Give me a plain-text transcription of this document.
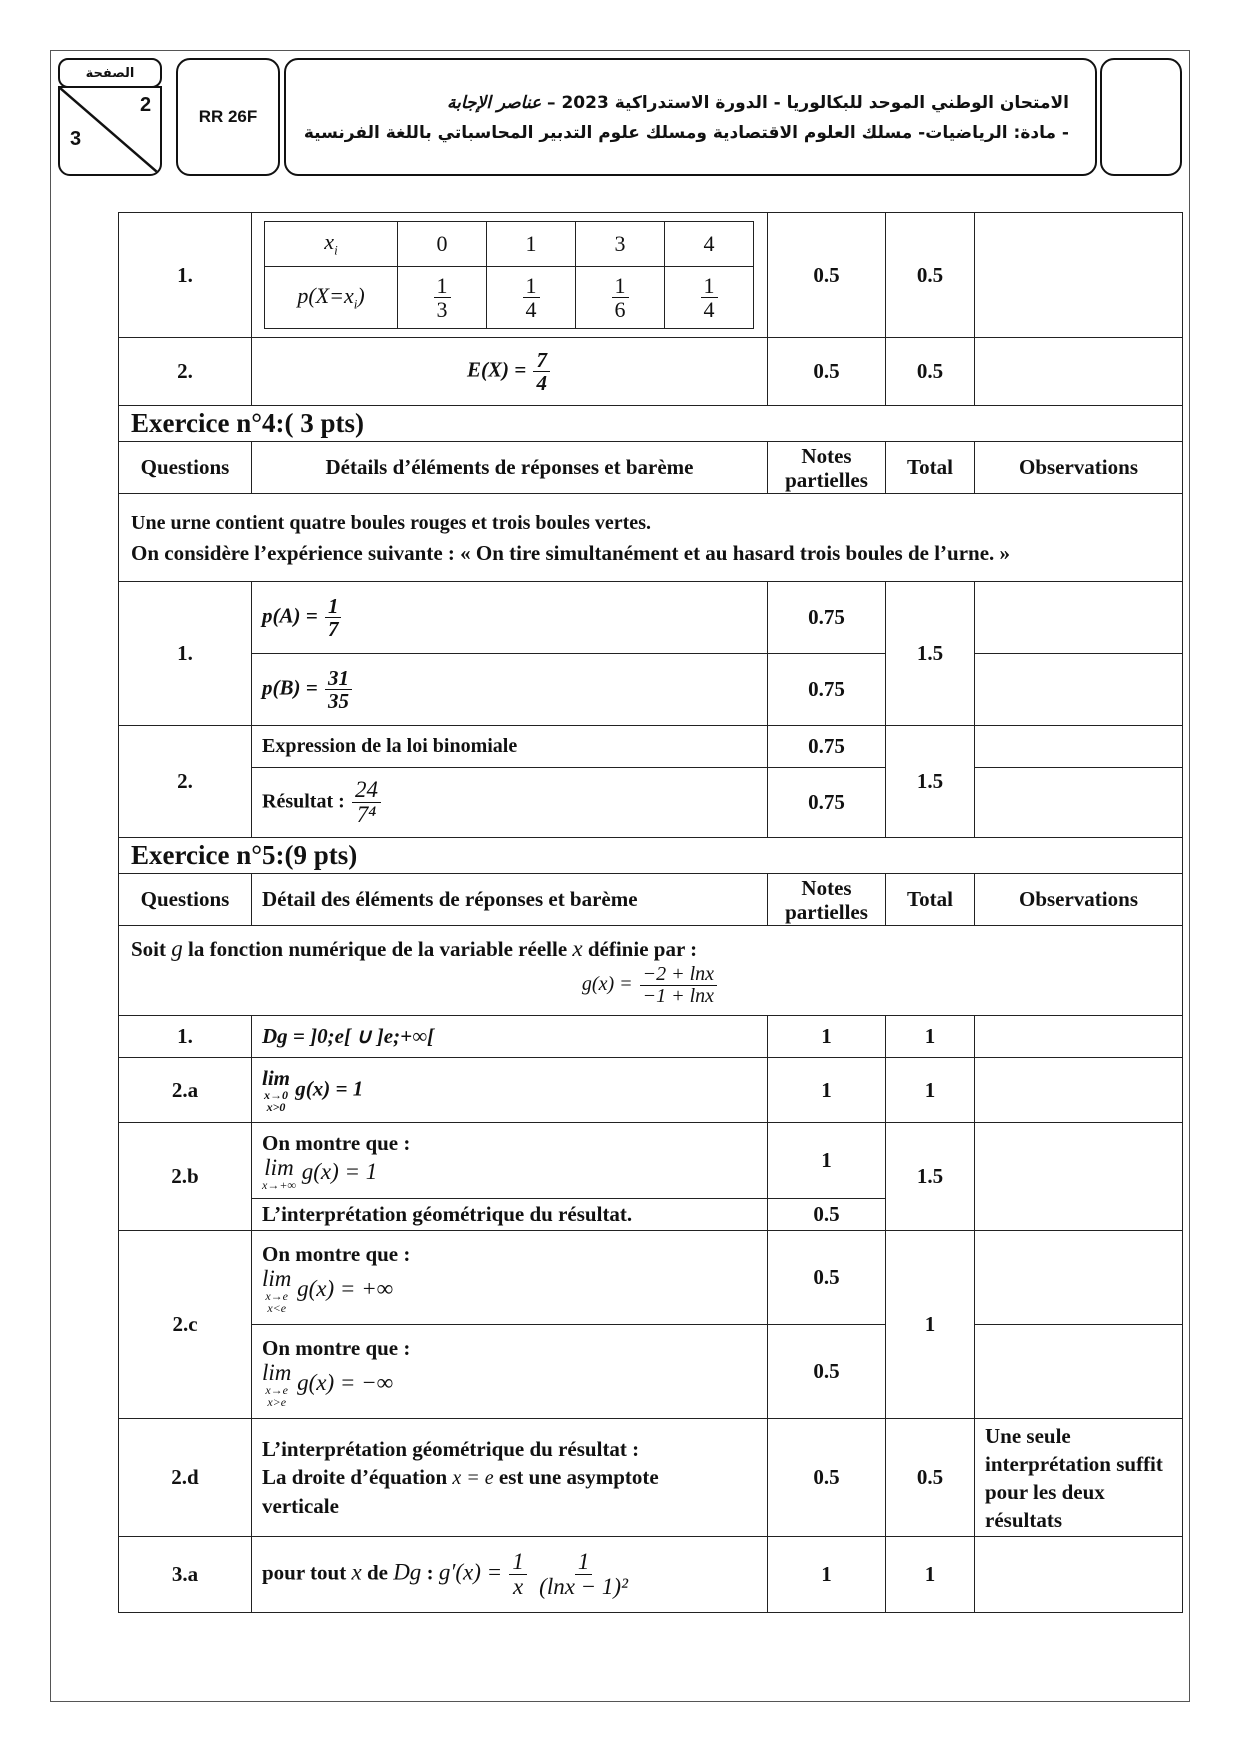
الصفحة
2
3
RR 26F
الامتحان الوطني الموحد للبكالوريا - الدورة الاستدراكية 2023 – عناصر الإجابة
- مادة: الرياضيات- مسلك العلوم الاقتصادية ومسلك علوم التدبير المحاسباتي باللغة الفرنسية
1.	
$x_i$	0	1	3	4
$p(X=x_i)$	$\frac{1}{3}$	$\frac{1}{4}$	$\frac{1}{6}$	$\frac{1}{4}$
		0.5	0.5	
2.	$E(X) = \frac{7}{4}$	0.5	0.5	
Exercice n°4:( 3 pts)
Questions	Détails d’éléments de réponses et barème	Notes partielles	Total	Observations

Une urne contient quatre boules rouges et trois boules vertes.
On considère l’expérience suivante : « On tire simultanément et au hasard trois boules de l’urne. »

1.	$p(A) = \frac{1}{7}$	0.75	1.5	
$p(B) = \frac{31}{35}$	0.75	
2.	Expression de la loi binomiale	0.75	1.5	
Résultat : $\frac{24}{\text{7⁴}}$	0.75	
Exercice n°5:(9 pts)
Questions	Détail des éléments de réponses et barème	Notes partielles	Total	Observations

Soit g la fonction numérique de la variable réelle x définie par :
$g(x) = \frac{-2 + \ln x}{-1 + \ln x}$

1.	Dg = ]0;e[ ∪ ]e;+∞[	1	1	
2.a	lim
x→0
x>0
g(x) = 1	1	1	
2.b	
On montre que :
lim
x→+∞
g(x) = 1	1	1.5	
L’interprétation géométrique du résultat.	0.5
2.c	
On montre que :
lim
x→e
x<e
g(x) = +∞	0.5	1	

On montre que :
lim
x→e
x>e
g(x) = −∞	0.5	
2.d	
L’interprétation géométrique du résultat :
La droite d’équation x = e est une asymptote
verticale
	0.5	0.5	Une seule interprétation suffit pour les deux résultats
3.a	pour tout x de Dg : $g'(x) = \frac{1}{x}$
$\frac{1}{\text{(lnx − 1)²}}$	1	1	
